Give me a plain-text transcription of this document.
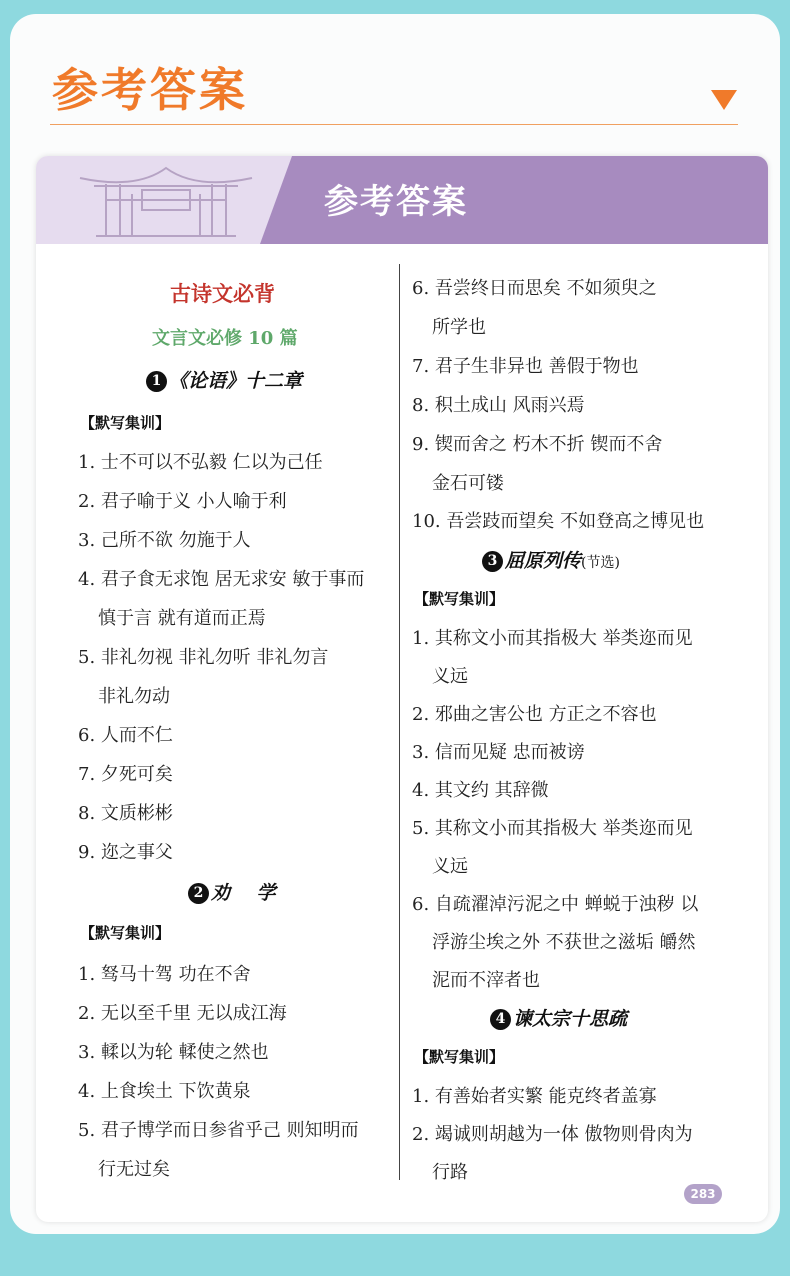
参考答案
参考答案
古诗文必背
文言文必修 10 篇
1 《论语》十二章
【默写集训】
1. 士不可以不弘毅 仁以为己任
2. 君子喻于义 小人喻于利
3. 己所不欲 勿施于人
4. 君子食无求饱 居无求安 敏于事而
慎于言 就有道而正焉
5. 非礼勿视 非礼勿听 非礼勿言
非礼勿动
6. 人而不仁
7. 夕死可矣
8. 文质彬彬
9. 迩之事父
2 劝    学
【默写集训】
1. 驽马十驾 功在不舍
2. 无以至千里 无以成江海
3. 輮以为轮 輮使之然也
4. 上食埃土 下饮黄泉
5. 君子博学而日参省乎己 则知明而
行无过矣
6. 吾尝终日而思矣 不如须臾之
所学也
7. 君子生非异也 善假于物也
8. 积土成山 风雨兴焉
9. 锲而舍之 朽木不折 锲而不舍
金石可镂
10. 吾尝跂而望矣 不如登高之博见也
3 屈原列传(节选)
【默写集训】
1. 其称文小而其指极大 举类迩而见
义远
2. 邪曲之害公也 方正之不容也
3. 信而见疑 忠而被谤
4. 其文约 其辞微
5. 其称文小而其指极大 举类迩而见
义远
6. 自疏濯淖污泥之中 蝉蜕于浊秽 以
浮游尘埃之外 不获世之滋垢 皭然
泥而不滓者也
4 谏太宗十思疏
【默写集训】
1. 有善始者实繁 能克终者盖寡
2. 竭诚则胡越为一体 傲物则骨肉为
行路
283
